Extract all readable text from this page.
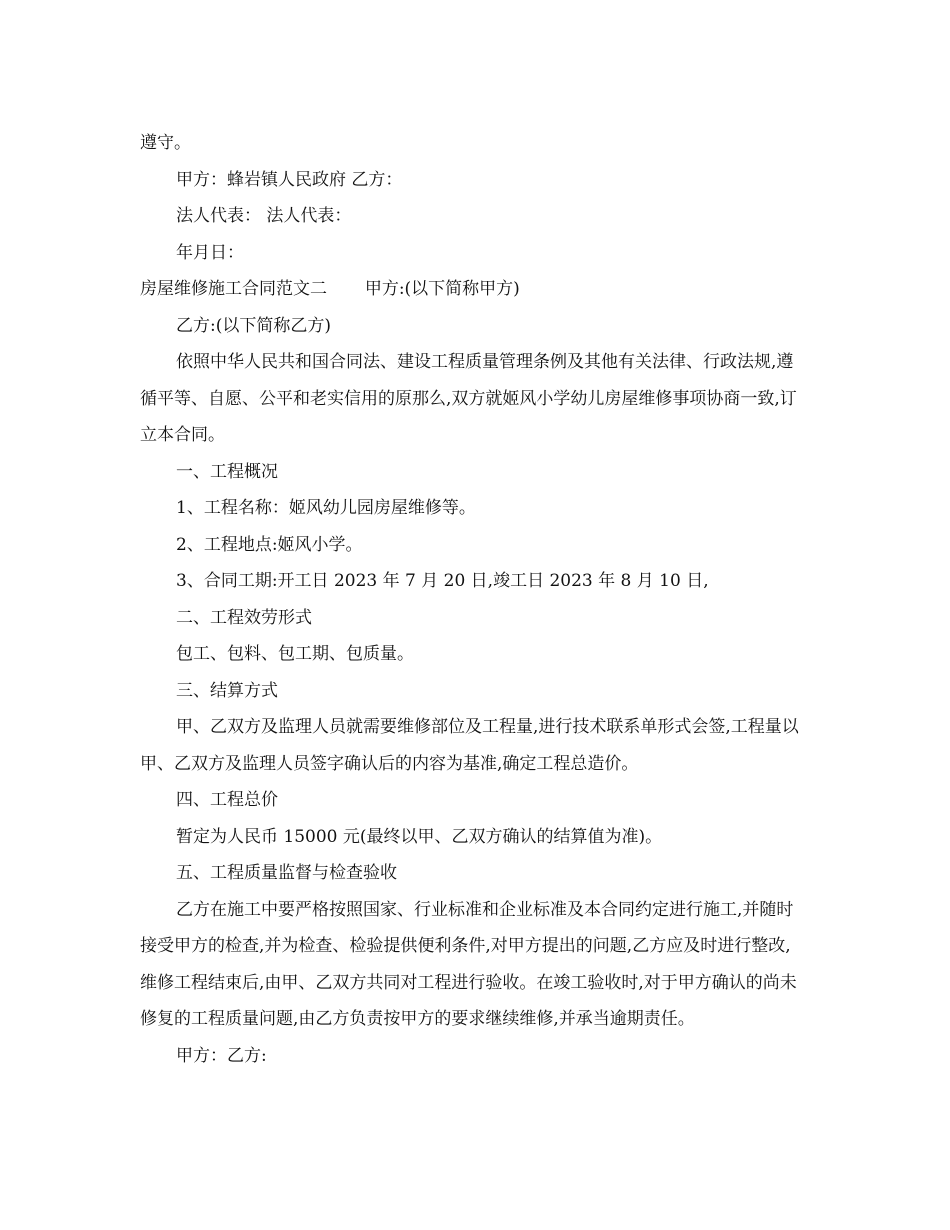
遵守。

甲方：蜂岩镇人民政府 乙方：

法人代表： 法人代表：

年月日：

房屋维修施工合同范文二       甲方:(以下简称甲方)

乙方:(以下简称乙方)

依照中华人民共和国合同法、建设工程质量管理条例及其他有关法律、行政法规,遵循平等、自愿、公平和老实信用的原那么,双方就姬风小学幼儿房屋维修事项协商一致,订立本合同。

一、工程概况

1、工程名称：姬风幼儿园房屋维修等。

2、工程地点:姬风小学。

3、合同工期:开工日 2023 年 7 月 20 日,竣工日 2023 年 8 月 10 日,

二、工程效劳形式

包工、包料、包工期、包质量。

三、结算方式

甲、乙双方及监理人员就需要维修部位及工程量,进行技术联系单形式会签,工程量以甲、乙双方及监理人员签字确认后的内容为基准,确定工程总造价。

四、工程总价

暂定为人民币 15000 元(最终以甲、乙双方确认的结算值为准)。

五、工程质量监督与检查验收

乙方在施工中要严格按照国家、行业标准和企业标准及本合同约定进行施工,并随时接受甲方的检查,并为检查、检验提供便利条件,对甲方提出的问题,乙方应及时进行整改,维修工程结束后,由甲、乙双方共同对工程进行验收。在竣工验收时,对于甲方确认的尚未修复的工程质量问题,由乙方负责按甲方的要求继续维修,并承当逾期责任。

甲方：乙方:
